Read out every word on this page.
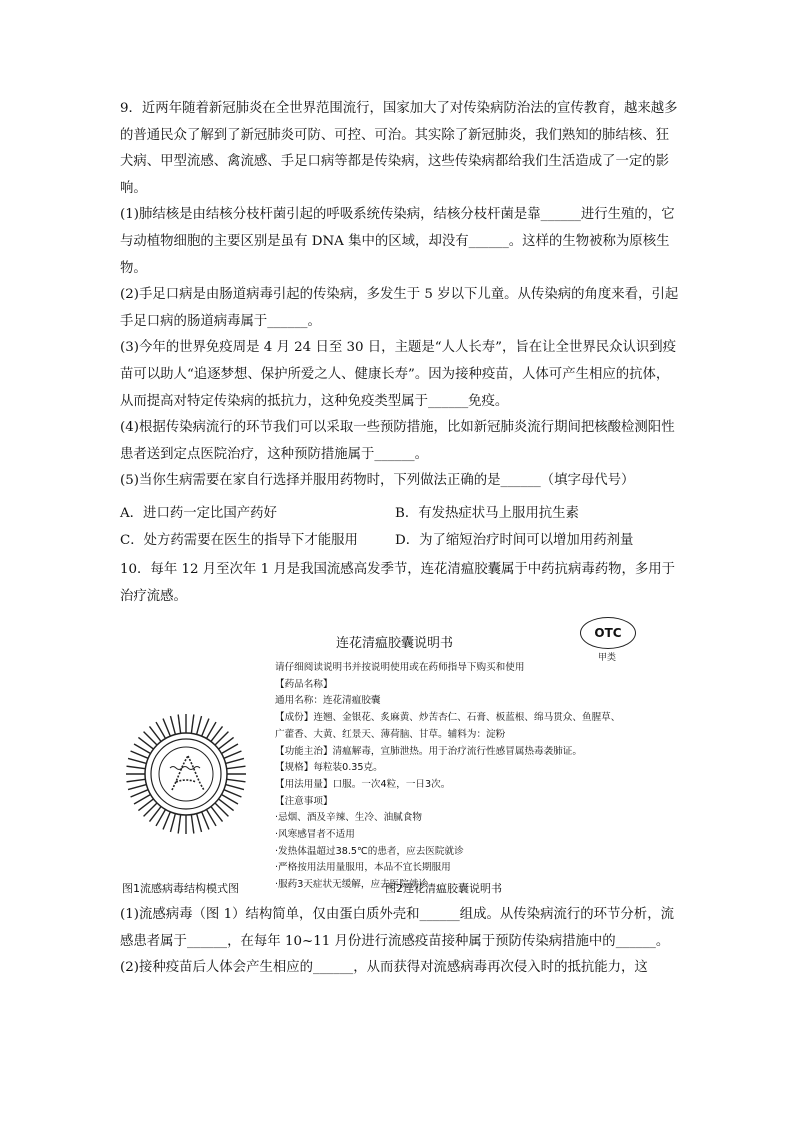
9．近两年随着新冠肺炎在全世界范围流行，国家加大了对传染病防治法的宣传教育，越来越多的普通民众了解到了新冠肺炎可防、可控、可治。其实除了新冠肺炎，我们熟知的肺结核、狂犬病、甲型流感、禽流感、手足口病等都是传染病，这些传染病都给我们生活造成了一定的影响。

(1)肺结核是由结核分枝杆菌引起的呼吸系统传染病，结核分枝杆菌是靠______进行生殖的，它与动植物细胞的主要区别是虽有 DNA 集中的区域，却没有______。这样的生物被称为原核生物。

(2)手足口病是由肠道病毒引起的传染病，多发生于 5 岁以下儿童。从传染病的角度来看，引起手足口病的肠道病毒属于______。

(3)今年的世界免疫周是 4 月 24 日至 30 日，主题是“人人长寿”，旨在让全世界民众认识到疫苗可以助人“追逐梦想、保护所爱之人、健康长寿”。因为接种疫苗，人体可产生相应的抗体，从而提高对特定传染病的抵抗力，这种免疫类型属于______免疫。

(4)根据传染病流行的环节我们可以采取一些预防措施，比如新冠肺炎流行期间把核酸检测阳性患者送到定点医院治疗，这种预防措施属于______。

(5)当你生病需要在家自行选择并服用药物时，下列做法正确的是______（填字母代号）

A．进口药一定比国产药好	B．有发热症状马上服用抗生素
C．处方药需要在医生的指导下才能服用	D．为了缩短治疗时间可以增加用药剂量

10．每年 12 月至次年 1 月是我国流感高发季节，连花清瘟胶囊属于中药抗病毒药物，多用于治疗流感。

连花清瘟胶囊说明书
OTC
甲类
请仔细阅读说明书并按说明使用或在药师指导下购买和使用
【药品名称】
通用名称：连花清瘟胶囊
【成份】连翘、金银花、炙麻黄、炒苦杏仁、石膏、板蓝根、绵马贯众、鱼腥草、
广藿香、大黄、红景天、薄荷脑、甘草。辅料为：淀粉
【功能主治】清瘟解毒，宣肺泄热。用于治疗流行性感冒属热毒袭肺证。
【规格】每粒装0.35克。
【用法用量】口服。一次4粒，一日3次。
【注意事项】
·忌烟、酒及辛辣、生冷、油腻食物
·风寒感冒者不适用
·发热体温超过38.5℃的患者，应去医院就诊
·严格按用法用量服用，本品不宜长期服用
·服药3天症状无缓解，应去医院就诊
图1流感病毒结构模式图	图2连花清瘟胶囊说明书

(1)流感病毒（图 1）结构简单，仅由蛋白质外壳和______组成。从传染病流行的环节分析，流感患者属于______，在每年 10~11 月份进行流感疫苗接种属于预防传染病措施中的______。

(2)接种疫苗后人体会产生相应的______，从而获得对流感病毒再次侵入时的抵抗能力，这
